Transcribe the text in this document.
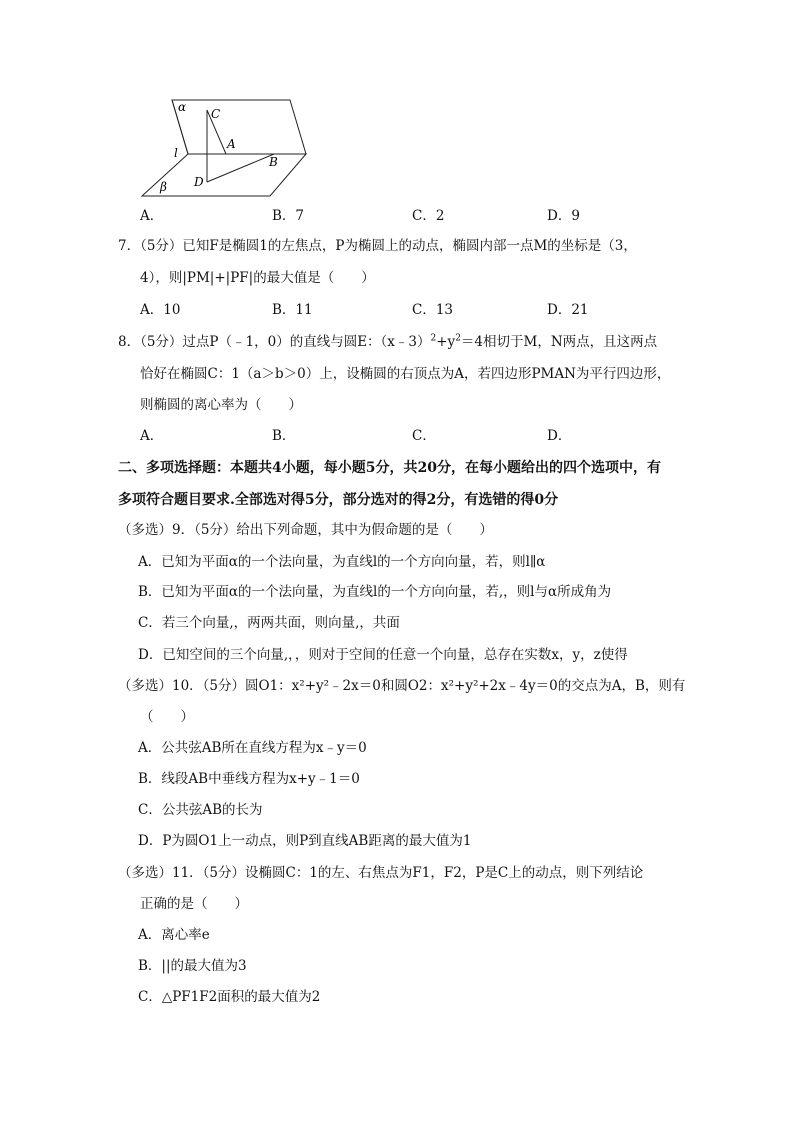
α C
A
l
B
D
β
A．	B．7	C．2	D．9
7．（5分）已知F是椭圆1的左焦点，P为椭圆上的动点，椭圆内部一点M的坐标是（3，
4），则|PM|+|PF|的最大值是（　　）
A．10	B．11	C．13	D．21
8．（5分）过点P（﹣1，0）的直线与圆E：$(x﹣3)^2+y^2=4$相切于M，N两点，且这两点
恰好在椭圆C：1（a＞b＞0）上，设椭圆的右顶点为A，若四边形PMAN为平行四边形，
则椭圆的离心率为（　　）
A．	B．	C．	D．
二、多项选择题：本题共4小题，每小题5分，共20分，在每小题给出的四个选项中，有
多项符合题目要求.全部选对得5分，部分选对的得2分，有选错的得0分
（多选）9．（5分）给出下列命题，其中为假命题的是（　　）
A．已知为平面α的一个法向量，为直线l的一个方向向量，若，则l∥α
B．已知为平面α的一个法向量，为直线l的一个方向向量，若,，则l与α所成角为
C．若三个向量,，两两共面，则向量,，共面
D．已知空间的三个向量,，，则对于空间的任意一个向量，总存在实数x，y，z使得
（多选）10．（5分）圆O1：x²+y²﹣2x＝0和圆O2：x²+y²+2x﹣4y＝0的交点为A，B，则有
（　　）
A．公共弦AB所在直线方程为x﹣y＝0
B．线段AB中垂线方程为x+y﹣1＝0
C．公共弦AB的长为
D．P为圆O1上一动点，则P到直线AB距离的最大值为1
（多选）11．（5分）设椭圆C：1的左、右焦点为F1，F2，P是C上的动点，则下列结论
正确的是（　　）
A．离心率e
B．||的最大值为3
C．△PF1F2面积的最大值为2
